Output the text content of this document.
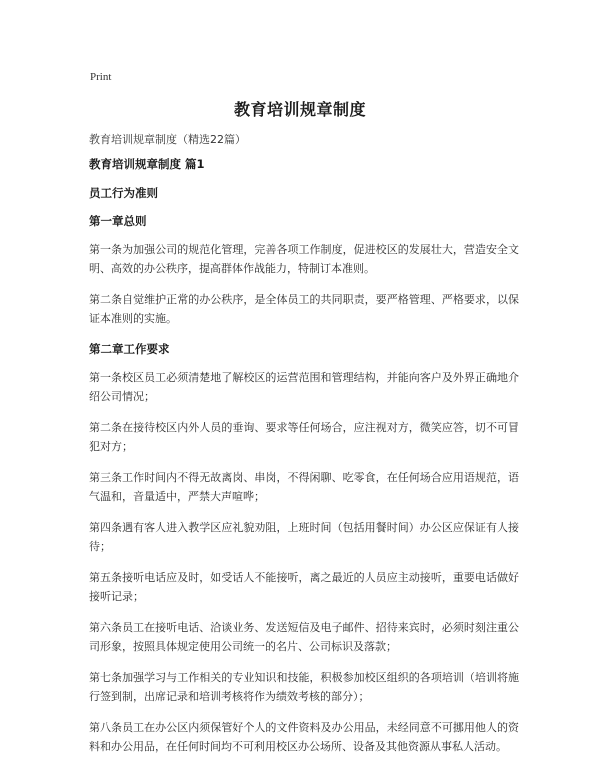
Print
教育培训规章制度

教育培训规章制度（精选22篇）

教育培训规章制度 篇1

员工行为准则

第一章总则

第一条为加强公司的规范化管理，完善各项工作制度，促进校区的发展壮大，营造安全文明、高效的办公秩序，提高群体作战能力，特制订本准则。

第二条自觉维护正常的办公秩序，是全体员工的共同职责，要严格管理、严格要求，以保证本准则的实施。

第二章工作要求

第一条校区员工必须清楚地了解校区的运营范围和管理结构，并能向客户及外界正确地介绍公司情况；

第二条在接待校区内外人员的垂询、要求等任何场合，应注视对方，微笑应答，切不可冒犯对方；

第三条工作时间内不得无故离岗、串岗，不得闲聊、吃零食，在任何场合应用语规范，语气温和，音量适中，严禁大声喧哗；

第四条遇有客人进入教学区应礼貌劝阻，上班时间（包括用餐时间）办公区应保证有人接待；

第五条接听电话应及时，如受话人不能接听，离之最近的人员应主动接听，重要电话做好接听记录；

第六条员工在接听电话、洽谈业务、发送短信及电子邮件、招待来宾时，必须时刻注重公司形象，按照具体规定使用公司统一的名片、公司标识及落款；

第七条加强学习与工作相关的专业知识和技能，积极参加校区组织的各项培训（培训将施行签到制，出席记录和培训考核将作为绩效考核的部分）；

第八条员工在办公区内须保管好个人的文件资料及办公用品，未经同意不可挪用他人的资料和办公用品，在任何时间均不可利用校区办公场所、设备及其他资源从事私人活动。
